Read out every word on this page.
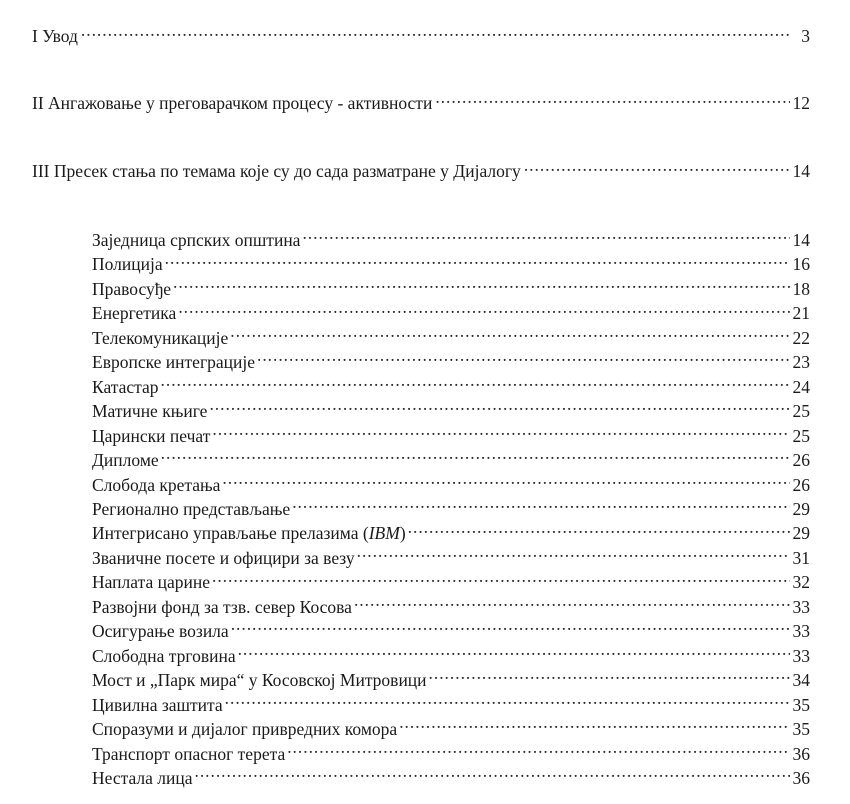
I Увод .....	3
II Ангажовање у преговарачком процесу - активности .....	12
III Пресек стања по темама које су до сада разматране у Дијалогу .....	14
Заједница српских општина .....	14
Полиција .....	16
Правосуђе .....	18
Енергетика .....	21
Телекомуникације .....	22
Европске интеграције .....	23
Катастар .....	24
Матичне књиге .....	25
Царински печат .....	25
Дипломе .....	26
Слобода кретања .....	26
Регионално представљање .....	29
Интегрисано управљање прелазима (IBM) .....	29
Званичне посете и официри за везу .....	31
Наплата царине .....	32
Развојни фонд за тзв. север Косова .....	33
Осигурање возила .....	33
Слободна трговина .....	33
Мост и „Парк мира“ у Косовској Митровици .....	34
Цивилна заштита .....	35
Споразуми и дијалог привредних комора .....	35
Транспорт опасног терета .....	36
Нестала лица .....	36
